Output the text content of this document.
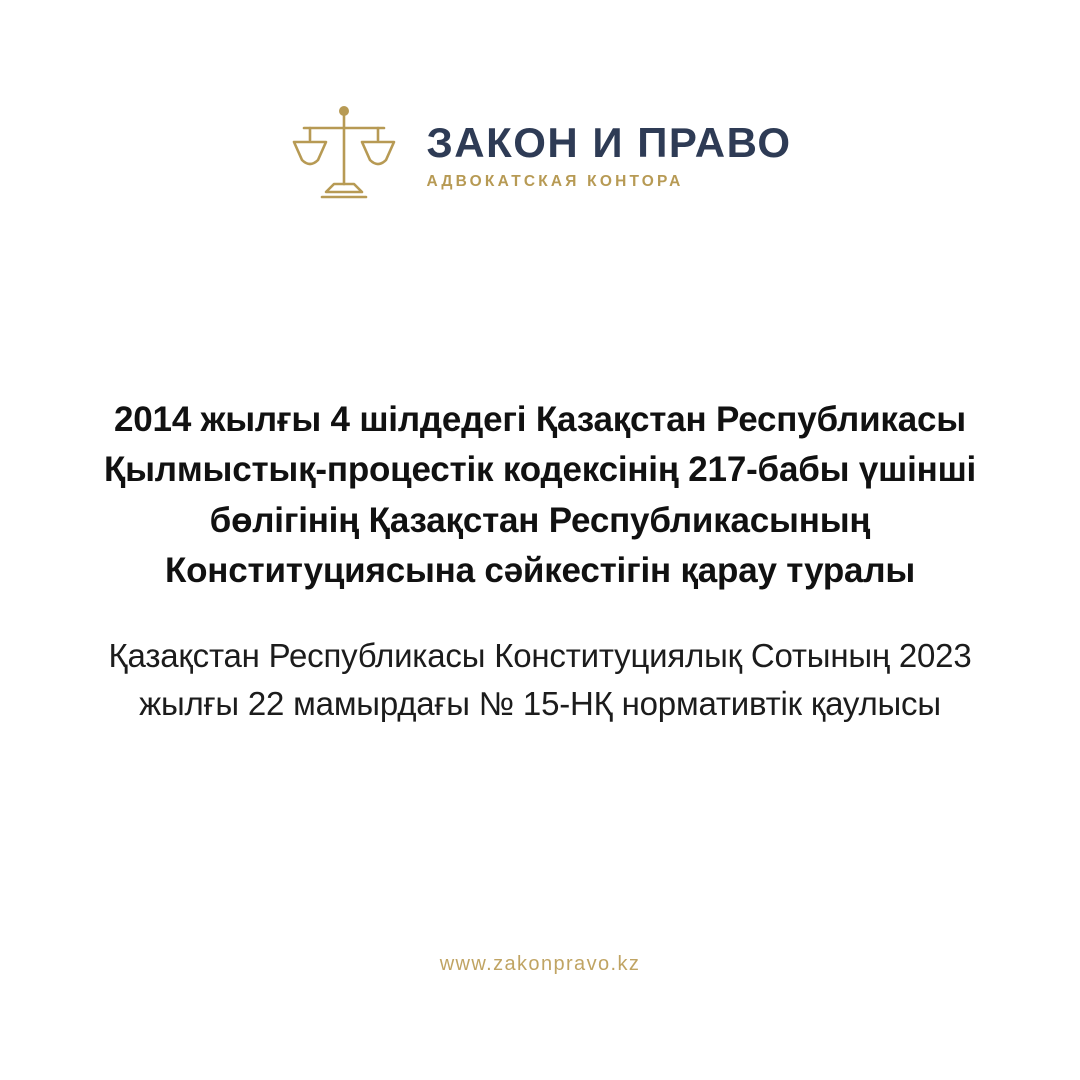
ЗАКОН И ПРАВО
АДВОКАТСКАЯ КОНТОРА

2014 жылғы 4 шілдедегі Қазақстан Республикасы Қылмыстық-процестік кодексінің 217-бабы үшінші бөлігінің Қазақстан Республикасының Конституциясына сәйкестігін қарау туралы

Қазақстан Республикасы Конституциялық Сотының 2023 жылғы 22 мамырдағы № 15-НҚ нормативтік қаулысы

www.zakonpravo.kz
